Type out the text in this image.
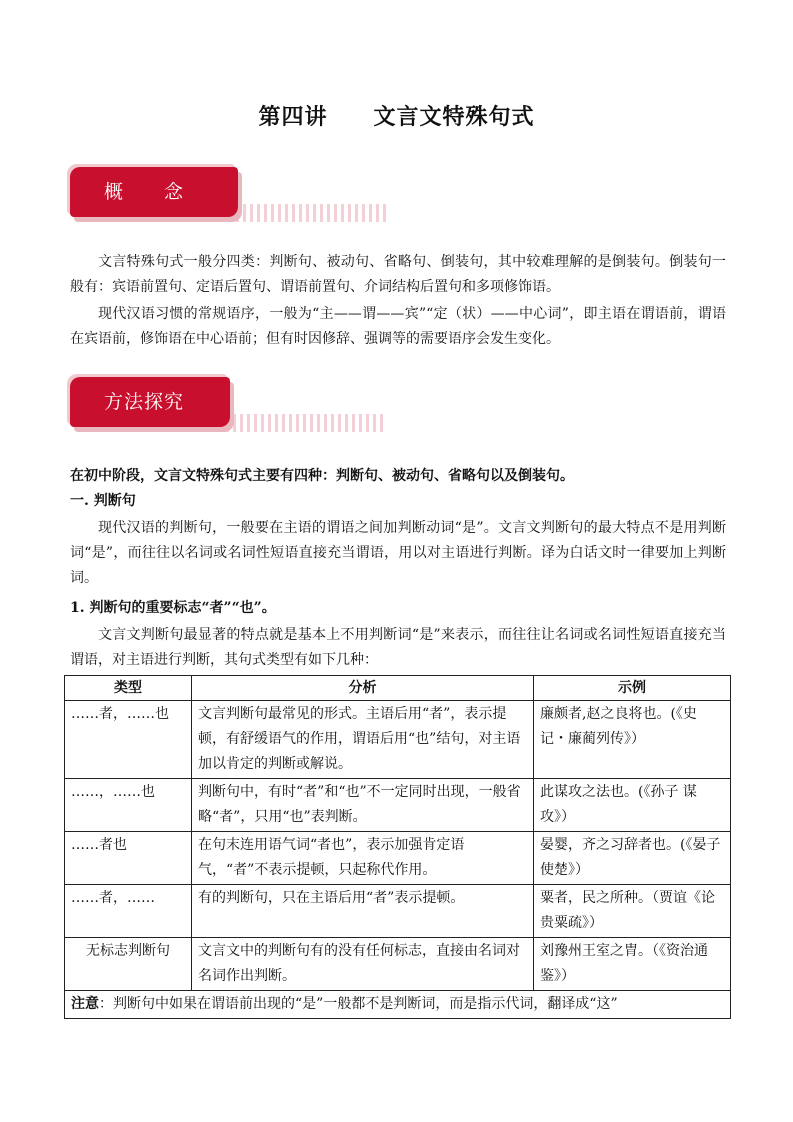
第四讲　　文言文特殊句式
概　　念

文言特殊句式一般分四类：判断句、被动句、省略句、倒装句，其中较难理解的是倒装句。倒装句一般有：宾语前置句、定语后置句、谓语前置句、介词结构后置句和多项修饰语。

现代汉语习惯的常规语序，一般为“主——谓——宾”“定（状）——中心词”，即主语在谓语前，谓语在宾语前，修饰语在中心语前；但有时因修辞、强调等的需要语序会发生变化。

方法探究

在初中阶段，文言文特殊句式主要有四种：判断句、被动句、省略句以及倒装句。

一. 判断句

现代汉语的判断句，一般要在主语的谓语之间加判断动词“是”。文言文判断句的最大特点不是用判断词“是”，而往往以名词或名词性短语直接充当谓语，用以对主语进行判断。译为白话文时一律要加上判断词。

1. 判断句的重要标志“者”“也”。

文言文判断句最显著的特点就是基本上不用判断词“是”来表示，而往往让名词或名词性短语直接充当谓语，对主语进行判断，其句式类型有如下几种：

类型	分析	示例
……者，……也	文言判断句最常见的形式。主语后用“者”，表示提顿，有舒缓语气的作用，谓语后用“也”结句，对主语加以肯定的判断或解说。	廉颇者,赵之良将也。(《史记・廉蔺列传》）
……，……也	判断句中，有时“者”和“也”不一定同时出现，一般省略“者”，只用“也”表判断。	此谋攻之法也。(《孙子 谋攻》）
……者也	在句末连用语气词“者也”，表示加强肯定语气，“者”不表示提顿，只起称代作用。	晏婴，齐之习辞者也。(《晏子使楚》）
……者，……	有的判断句，只在主语后用“者”表示提顿。	粟者，民之所种。（贾谊《论贵粟疏》）
无标志判断句	文言文中的判断句有的没有任何标志，直接由名词对名词作出判断。	刘豫州王室之胄。（《资治通鉴》）
注意：判断句中如果在谓语前出现的“是”一般都不是判断词，而是指示代词，翻译成“这”		
